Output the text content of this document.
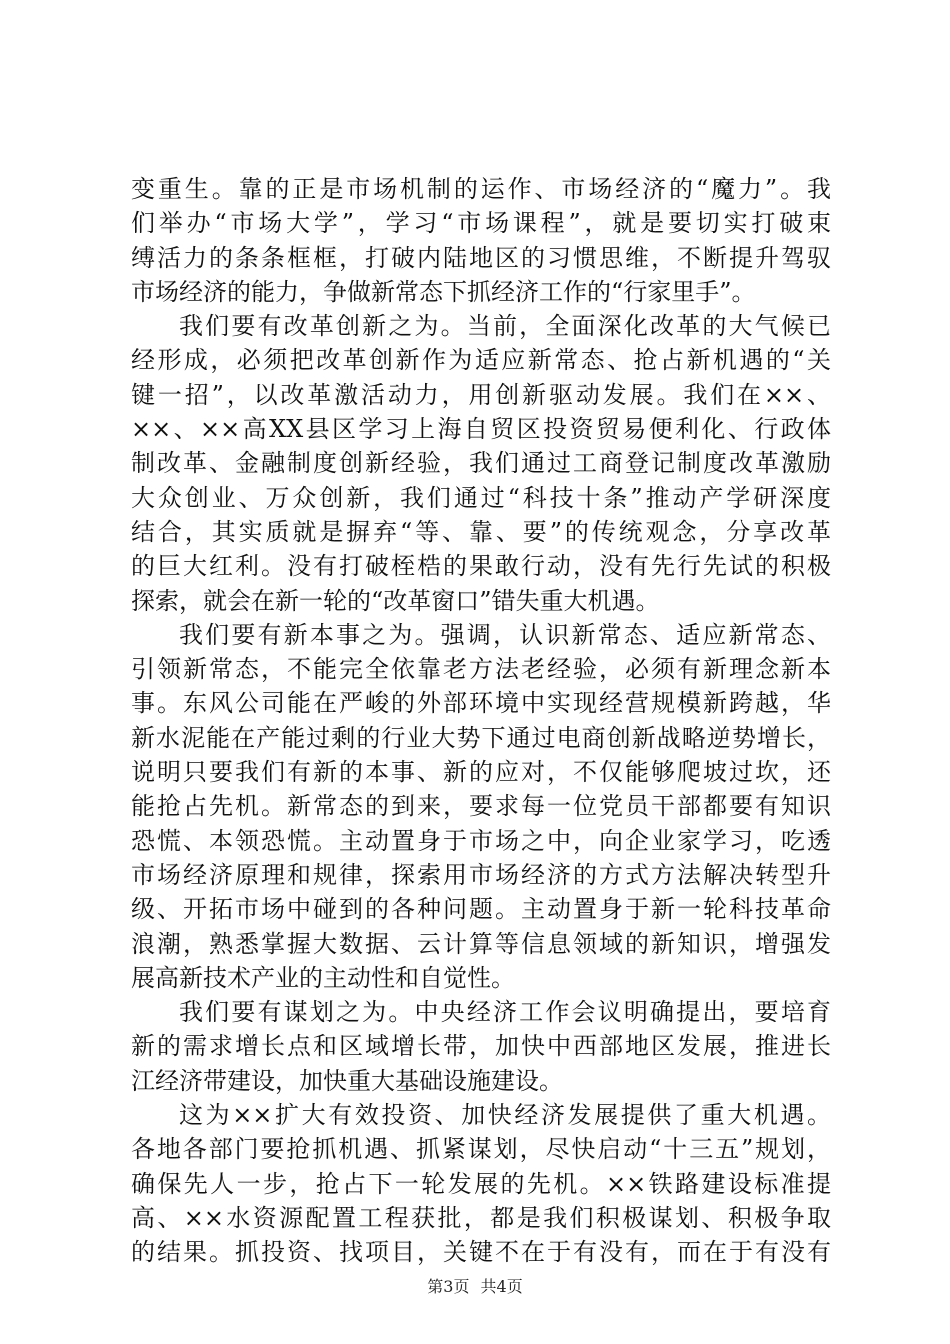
变重生。靠的正是市场机制的运作、市场经济的“魔力”。我
们举办“市场大学”，学习“市场课程”，就是要切实打破束
缚活力的条条框框，打破内陆地区的习惯思维，不断提升驾驭
市场经济的能力，争做新常态下抓经济工作的“行家里手”。
我们要有改革创新之为。当前，全面深化改革的大气候已
经形成，必须把改革创新作为适应新常态、抢占新机遇的“关
键一招”，以改革激活动力，用创新驱动发展。我们在××、
××、××高XX县区学习上海自贸区投资贸易便利化、行政体
制改革、金融制度创新经验，我们通过工商登记制度改革激励
大众创业、万众创新，我们通过“科技十条”推动产学研深度
结合，其实质就是摒弃“等、靠、要”的传统观念，分享改革
的巨大红利。没有打破桎梏的果敢行动，没有先行先试的积极
探索，就会在新一轮的“改革窗口”错失重大机遇。
我们要有新本事之为。强调，认识新常态、适应新常态、
引领新常态，不能完全依靠老方法老经验，必须有新理念新本
事。东风公司能在严峻的外部环境中实现经营规模新跨越，华
新水泥能在产能过剩的行业大势下通过电商创新战略逆势增长，
说明只要我们有新的本事、新的应对，不仅能够爬坡过坎，还
能抢占先机。新常态的到来，要求每一位党员干部都要有知识
恐慌、本领恐慌。主动置身于市场之中，向企业家学习，吃透
市场经济原理和规律，探索用市场经济的方式方法解决转型升
级、开拓市场中碰到的各种问题。主动置身于新一轮科技革命
浪潮，熟悉掌握大数据、云计算等信息领域的新知识，增强发
展高新技术产业的主动性和自觉性。
我们要有谋划之为。中央经济工作会议明确提出，要培育
新的需求增长点和区域增长带，加快中西部地区发展，推进长
江经济带建设，加快重大基础设施建设。
这为××扩大有效投资、加快经济发展提供了重大机遇。
各地各部门要抢抓机遇、抓紧谋划，尽快启动“十三五”规划，
确保先人一步，抢占下一轮发展的先机。××铁路建设标准提
高、××水资源配置工程获批，都是我们积极谋划、积极争取
的结果。抓投资、找项目，关键不在于有没有，而在于有没有
第3页 共4页
